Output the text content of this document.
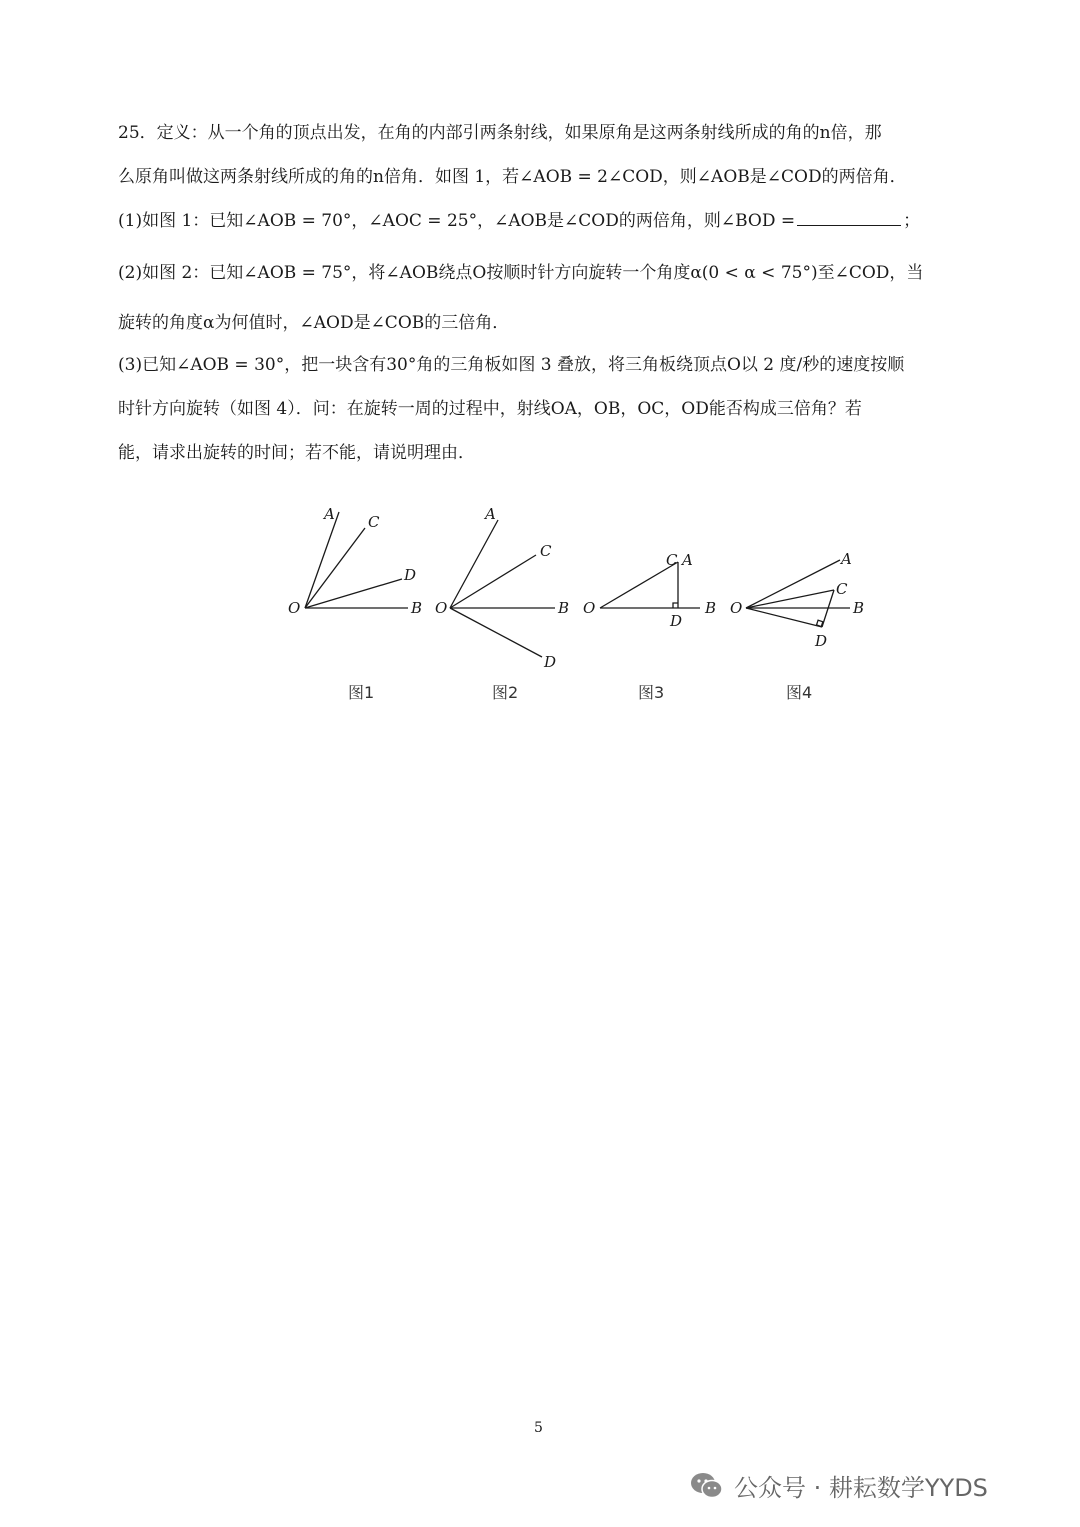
25．定义：从一个角的顶点出发，在角的内部引两条射线，如果原角是这两条射线所成的角的n倍，那
么原角叫做这两条射线所成的角的n倍角．如图 1，若∠AOB = 2∠COD，则∠AOB是∠COD的两倍角．
(1)如图 1：已知∠AOB = 70°，∠AOC = 25°，∠AOB是∠COD的两倍角，则∠BOD =	；
(2)如图 2：已知∠AOB = 75°，将∠AOB绕点O按顺时针方向旋转一个角度α(0 < α < 75°)至∠COD，当
旋转的角度α为何值时，∠AOD是∠COB的三倍角．
(3)已知∠AOB = 30°，把一块含有30°角的三角板如图 3 叠放，将三角板绕顶点O以 2 度/秒的速度按顺
时针方向旋转（如图 4）．问：在旋转一周的过程中，射线OA，OB，OC，OD能否构成三倍角？若
能，请求出旋转的时间；若不能，请说明理由．
A C
D
B
O
A
C
B
D
O
C A
D
B
O
A
C
B
D
O
图1	图2	图3	图4
5
公众号 · 耕耘数学YYDS
